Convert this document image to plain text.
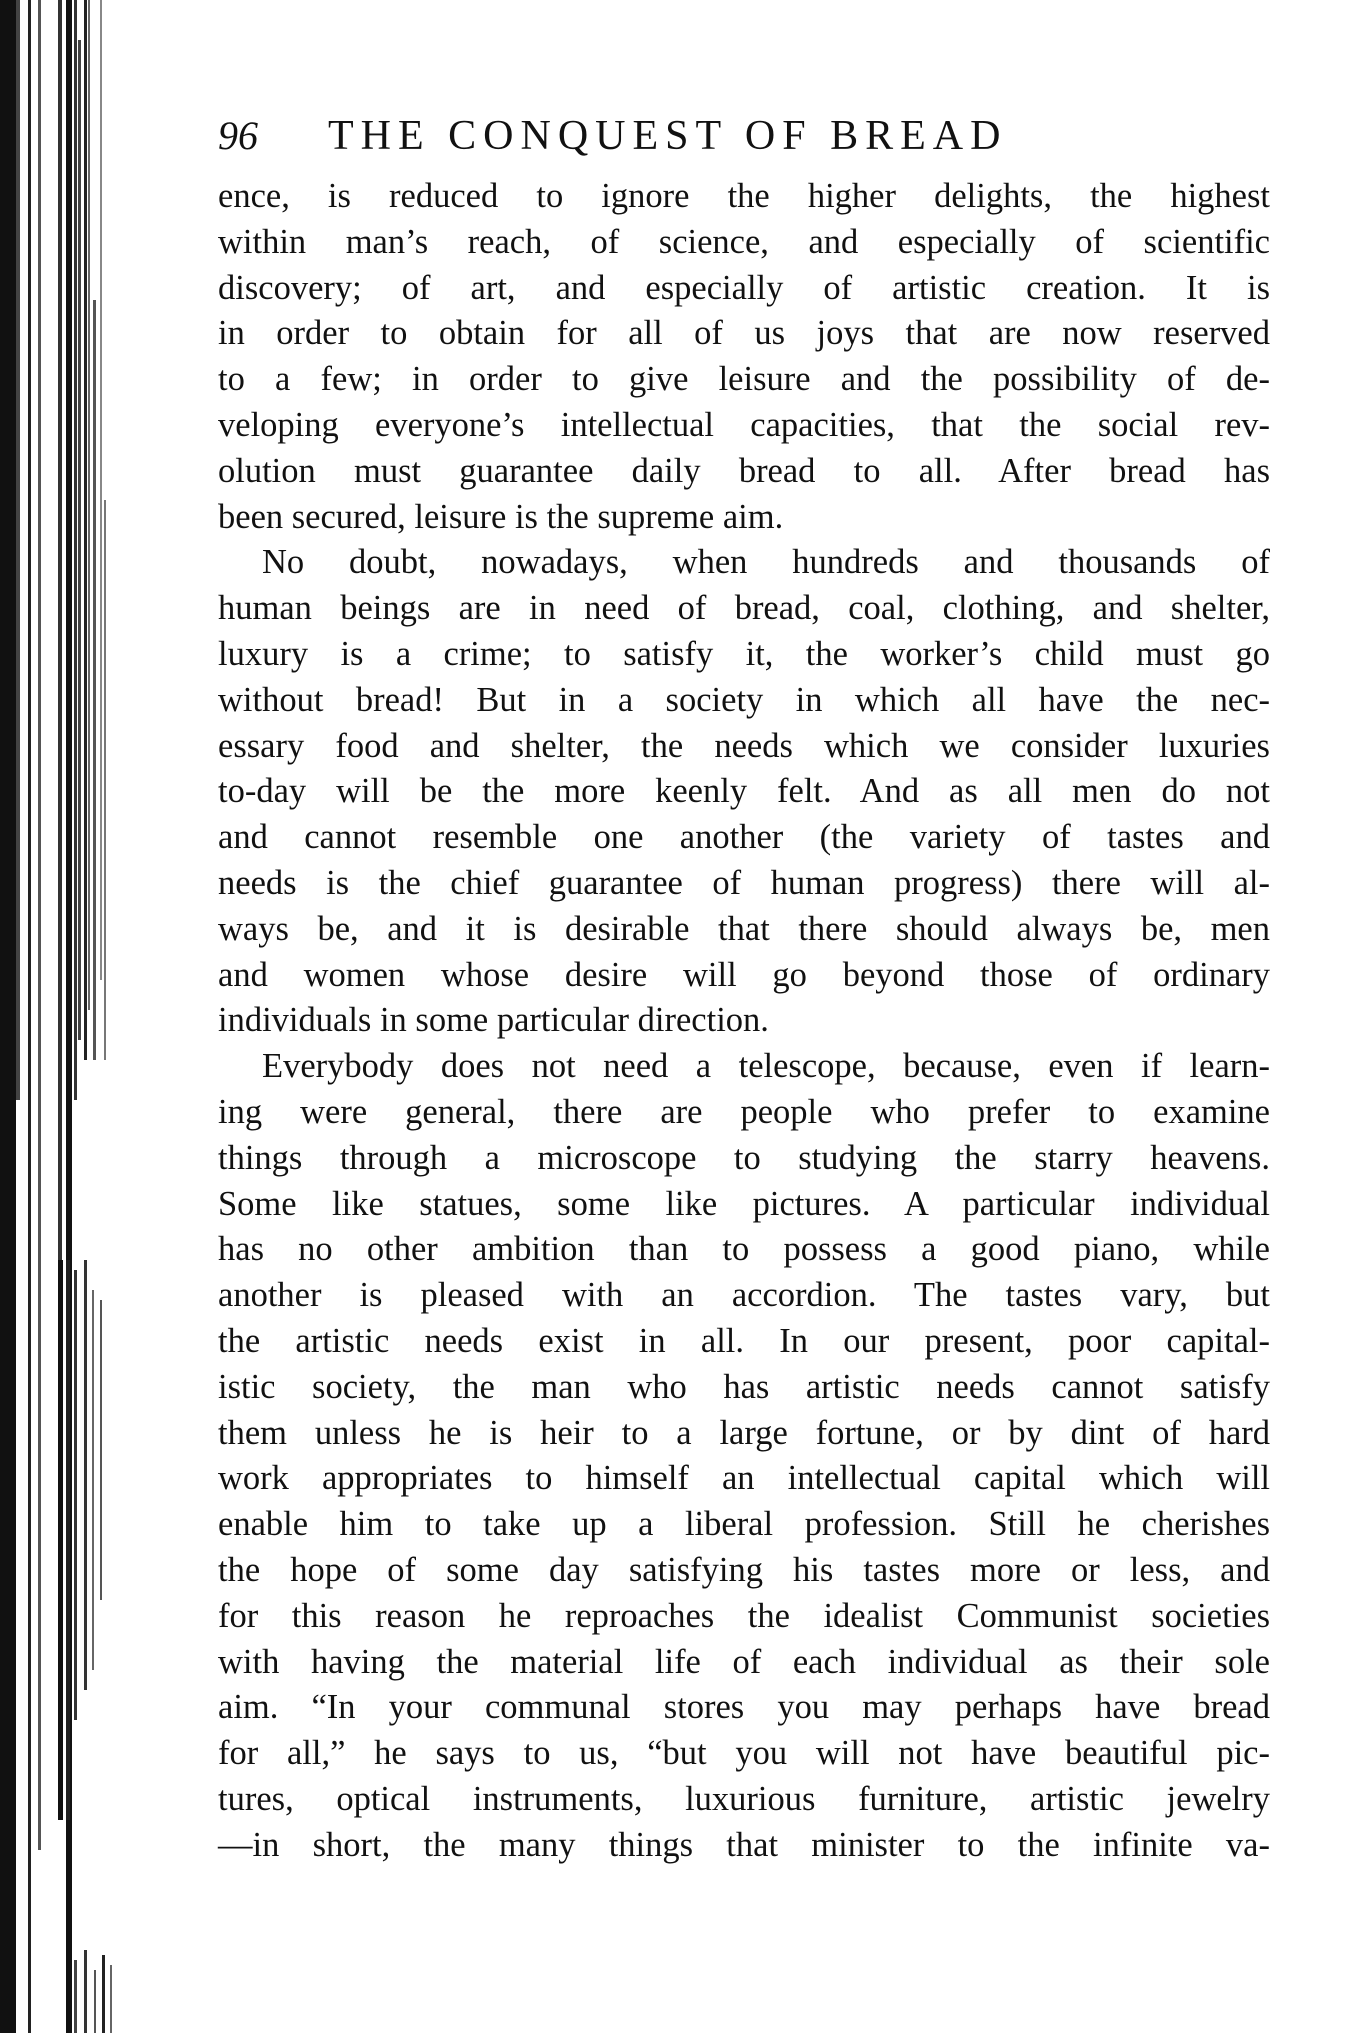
96	THE CONQUEST OF BREAD
ence, is reduced to ignore the higher delights, the highest
within man’s reach, of science, and especially of scientific
discovery; of art, and especially of artistic creation. It is
in order to obtain for all of us joys that are now reserved
to a few; in order to give leisure and the possibility of de-
veloping everyone’s intellectual capacities, that the social rev-
olution must guarantee daily bread to all. After bread has
been secured, leisure is the supreme aim.
No doubt, nowadays, when hundreds and thousands of
human beings are in need of bread, coal, clothing, and shelter,
luxury is a crime; to satisfy it, the worker’s child must go
without bread! But in a society in which all have the nec-
essary food and shelter, the needs which we consider luxuries
to-day will be the more keenly felt. And as all men do not
and cannot resemble one another (the variety of tastes and
needs is the chief guarantee of human progress) there will al-
ways be, and it is desirable that there should always be, men
and women whose desire will go beyond those of ordinary
individuals in some particular direction.
Everybody does not need a telescope, because, even if learn-
ing were general, there are people who prefer to examine
things through a microscope to studying the starry heavens.
Some like statues, some like pictures. A particular individual
has no other ambition than to possess a good piano, while
another is pleased with an accordion. The tastes vary, but
the artistic needs exist in all. In our present, poor capital-
istic society, the man who has artistic needs cannot satisfy
them unless he is heir to a large fortune, or by dint of hard
work appropriates to himself an intellectual capital which will
enable him to take up a liberal profession. Still he cherishes
the hope of some day satisfying his tastes more or less, and
for this reason he reproaches the idealist Communist societies
with having the material life of each individual as their sole
aim. “In your communal stores you may perhaps have bread
for all,” he says to us, “but you will not have beautiful pic-
tures, optical instruments, luxurious furniture, artistic jewelry
—in short, the many things that minister to the infinite va-
